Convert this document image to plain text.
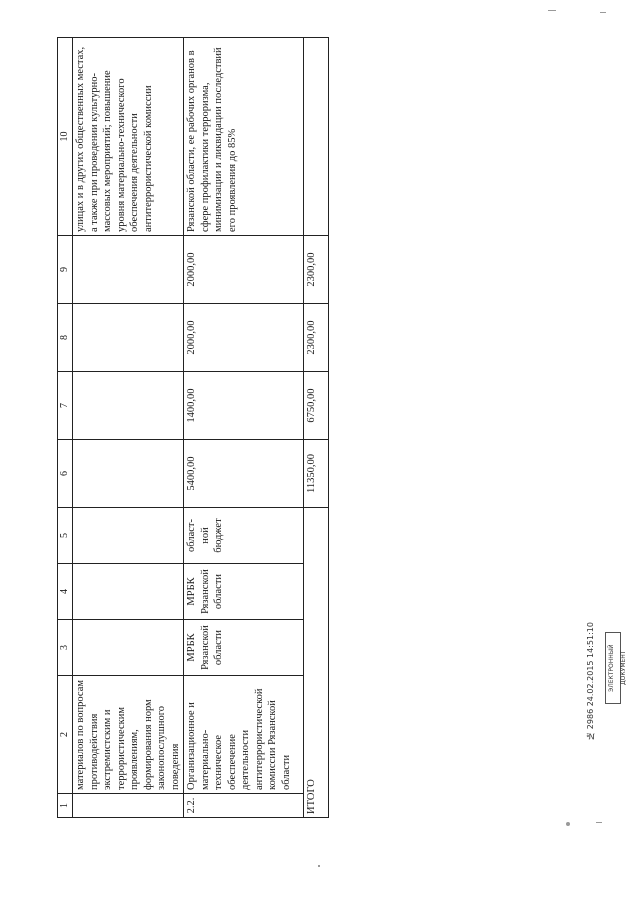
1	2	3	4	5	6	7	8	9	10
	материалов по вопросам противодействия экстремистским и террористическим проявлениям, формирования норм законопослушного поведения								улицах и в других общественных местах, а также при проведении культурно-массовых мероприятий; повышение уровня материально-технического обеспечения деятельности антитеррористической комиссии
2.2.	Организационное и материально-техническое обеспечение деятельности антитеррористической комиссии Рязанской области	МРБК Рязанской области	МРБК Рязанской области	област-ной бюджет	5400,00	1400,00	2000,00	2000,00	Рязанской области, ее рабочих органов в сфере профилактики терроризма, минимизации и ликвидации последствий его проявления до 85%
ИТОГО					11350,00	6750,00	2300,00	2300,00	
№ 2986 24.02.2015 14:51:10	ЭЛЕКТРОННЫЙ ДОКУМЕНТ
